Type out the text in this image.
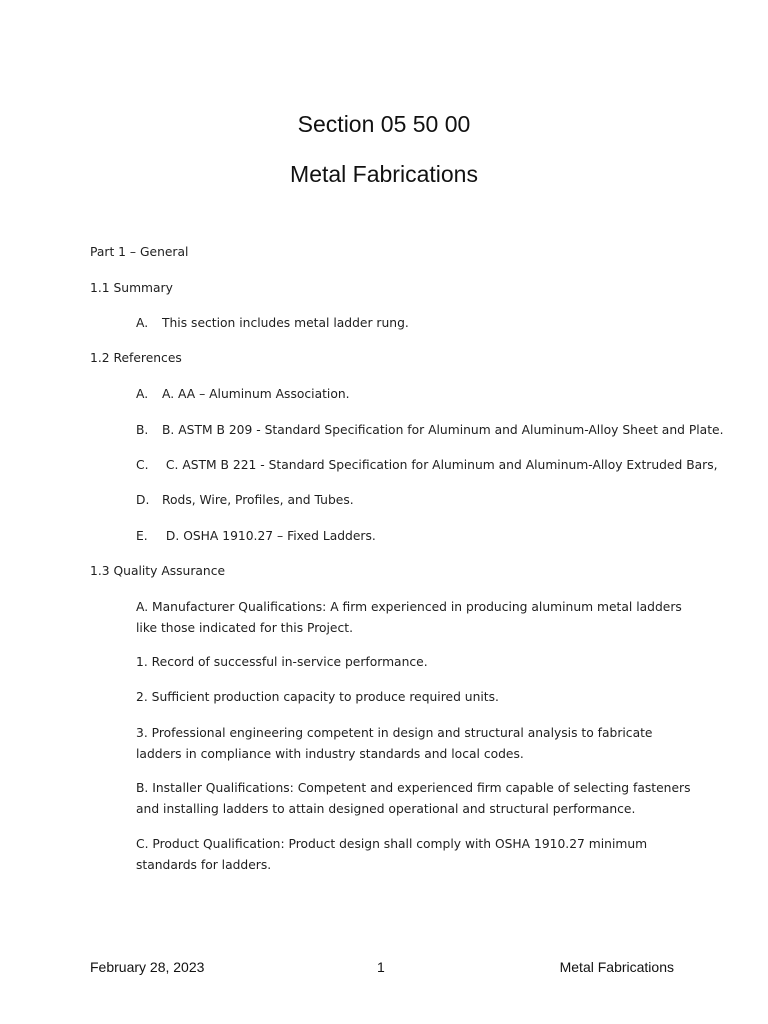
Section 05 50 00
Metal Fabrications
Part 1 – General
1.1 Summary
A. This section includes metal ladder rung.
1.2 References
A. A. AA – Aluminum Association.
B. B. ASTM B 209 - Standard Specification for Aluminum and Aluminum-Alloy Sheet and Plate.
C. C. ASTM B 221 - Standard Specification for Aluminum and Aluminum-Alloy Extruded Bars,
D. Rods, Wire, Profiles, and Tubes.
E. D. OSHA 1910.27 – Fixed Ladders.
1.3 Quality Assurance
A. Manufacturer Qualifications: A firm experienced in producing aluminum metal ladders like those indicated for this Project.
1. Record of successful in-service performance.
2. Sufficient production capacity to produce required units.
3. Professional engineering competent in design and structural analysis to fabricate ladders in compliance with industry standards and local codes.
B. Installer Qualifications: Competent and experienced firm capable of selecting fasteners and installing ladders to attain designed operational and structural performance.
C. Product Qualification: Product design shall comply with OSHA 1910.27 minimum standards for ladders.
February 28, 2023	1	Metal Fabrications
